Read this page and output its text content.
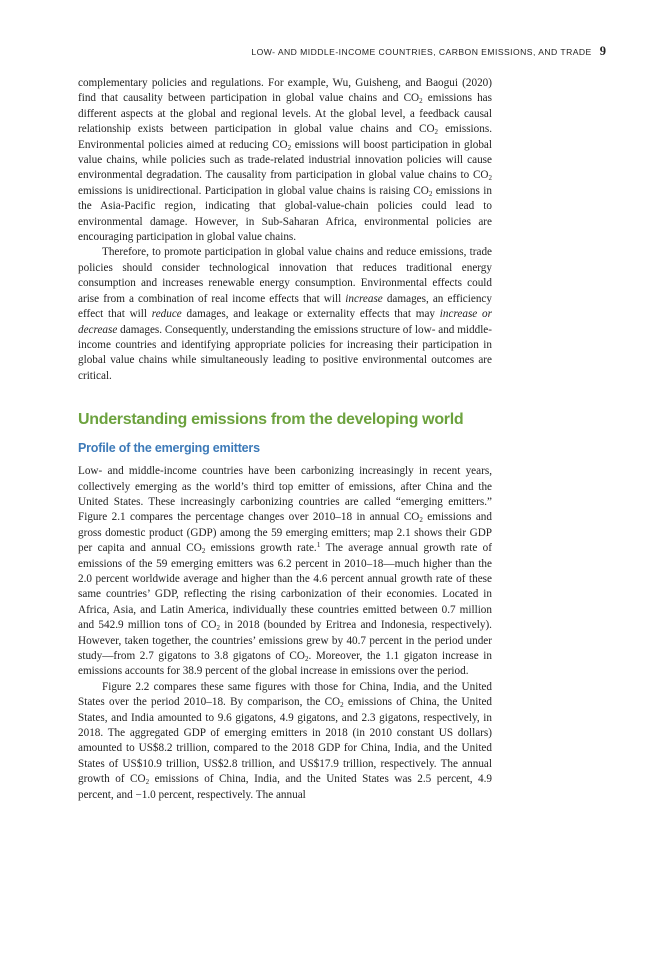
LOW- AND MIDDLE-INCOME COUNTRIES, CARBON EMISSIONS, AND TRADE 9

complementary policies and regulations. For example, Wu, Guisheng, and Baogui (2020) find that causality between participation in global value chains and $CO_2$ emissions has different aspects at the global and regional levels. At the global level, a feedback causal relationship exists between participation in global value chains and $CO_2$ emissions. Environmental policies aimed at reducing $CO_2$ emissions will boost participation in global value chains, while policies such as trade-related industrial innovation policies will cause environmental degradation. The causality from participation in global value chains to $CO_2$ emissions is unidirectional. Participation in global value chains is raising $CO_2$ emissions in the Asia-Pacific region, indicating that global-value-chain policies could lead to environmental damage. However, in Sub-Saharan Africa, environmental policies are encouraging participation in global value chains.

Therefore, to promote participation in global value chains and reduce emissions, trade policies should consider technological innovation that reduces traditional energy consumption and increases renewable energy consumption. Environmental effects could arise from a combination of real income effects that will increase damages, an efficiency effect that will reduce damages, and leakage or externality effects that may increase or decrease damages. Consequently, understanding the emissions structure of low- and middle-income countries and identifying appropriate policies for increasing their participation in global value chains while simultaneously leading to positive environmental outcomes are critical.

Understanding emissions from the developing world
Profile of the emerging emitters

Low- and middle-income countries have been carbonizing increasingly in recent years, collectively emerging as the world’s third top emitter of emissions, after China and the United States. These increasingly carbonizing countries are called “emerging emitters.” Figure 2.1 compares the percentage changes over 2010–18 in annual $CO_2$ emissions and gross domestic product (GDP) among the 59 emerging emitters; map 2.1 shows their GDP per capita and annual $CO_2$ emissions growth rate.$^1$ The average annual growth rate of emissions of the 59 emerging emitters was 6.2 percent in 2010–18—much higher than the 2.0 percent worldwide average and higher than the 4.6 percent annual growth rate of these same countries’ GDP, reflecting the rising carbonization of their economies. Located in Africa, Asia, and Latin America, individually these countries emitted between 0.7 million and 542.9 million tons of $CO_2$ in 2018 (bounded by Eritrea and Indonesia, respectively). However, taken together, the countries’ emissions grew by 40.7 percent in the period under study—from 2.7 gigatons to 3.8 gigatons of $CO_2$. Moreover, the 1.1 gigaton increase in emissions accounts for 38.9 percent of the global increase in emissions over the period.

Figure 2.2 compares these same figures with those for China, India, and the United States over the period 2010–18. By comparison, the $CO_2$ emissions of China, the United States, and India amounted to 9.6 gigatons, 4.9 gigatons, and 2.3 gigatons, respectively, in 2018. The aggregated GDP of emerging emitters in 2018 (in 2010 constant US dollars) amounted to US$8.2 trillion, compared to the 2018 GDP for China, India, and the United States of US$10.9 trillion, US$2.8 trillion, and US$17.9 trillion, respectively. The annual growth of $CO_2$ emissions of China, India, and the United States was 2.5 percent, 4.9 percent, and −1.0 percent, respectively. The annual
